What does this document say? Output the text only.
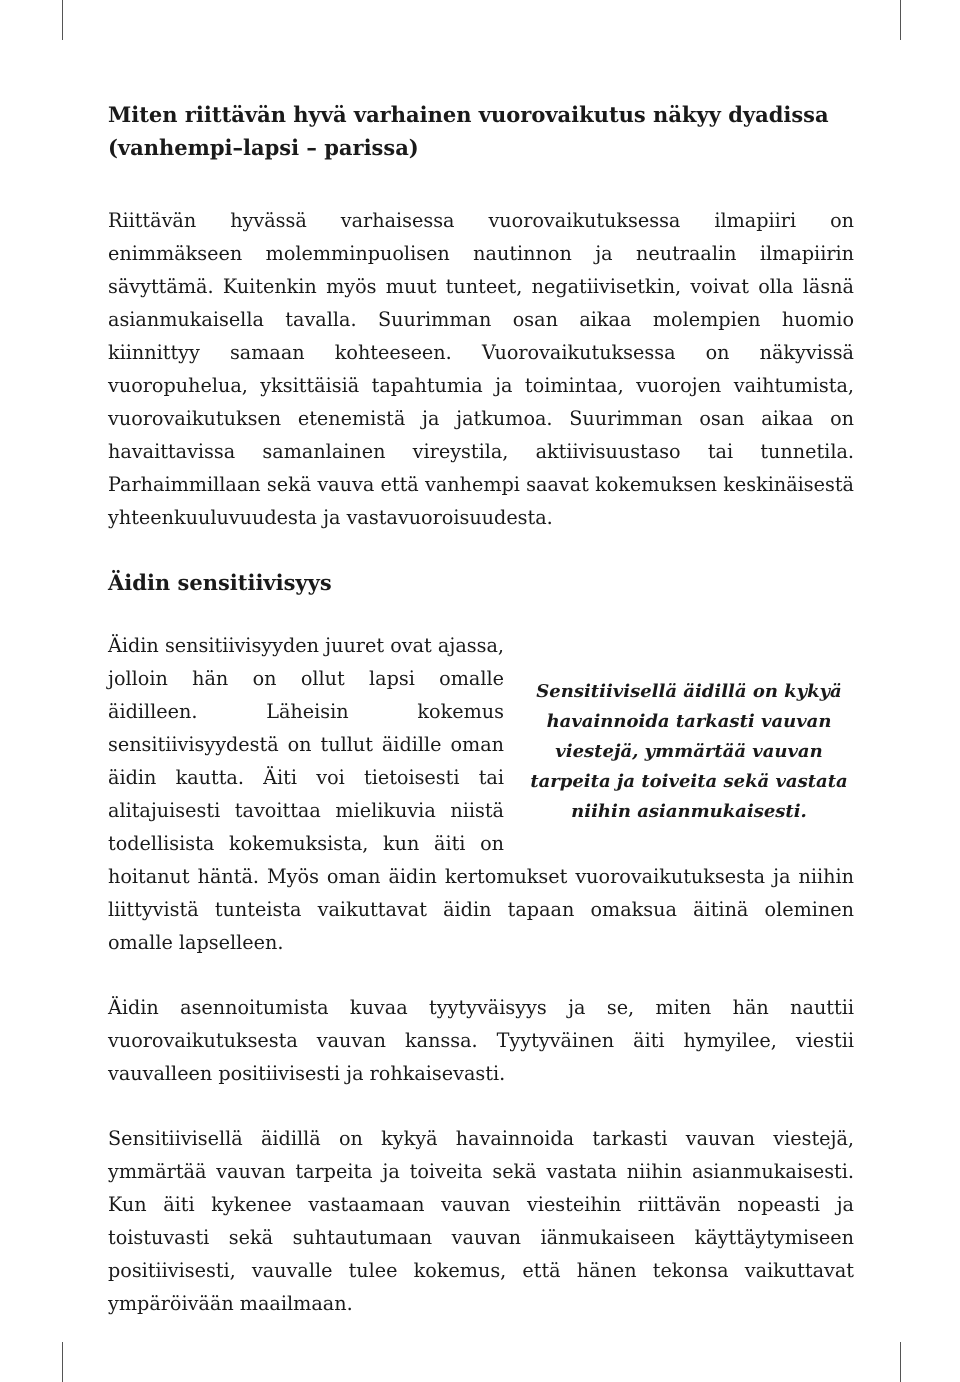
Miten riittävän hyvä varhainen vuorovaikutus näkyy dyadissa (vanhempi–lapsi – parissa)

Riittävän hyvässä varhaisessa vuorovaikutuksessa ilmapiiri on enimmäkseen molemminpuolisen nautinnon ja neutraalin ilmapiirin sävyttämä. Kuitenkin myös muut tunteet, negatiivisetkin, voivat olla läsnä asianmukaisella tavalla. Suurimman osan aikaa molempien huomio kiinnittyy samaan kohteeseen. Vuorovaikutuksessa on näkyvissä vuoropuhelua, yksittäisiä tapahtumia ja toimintaa, vuorojen vaihtumista, vuorovaikutuksen etenemistä ja jatkumoa. Suurimman osan aikaa on havaittavissa samanlainen vireystila, aktiivisuustaso tai tunnetila. Parhaimmillaan sekä vauva että vanhempi saavat kokemuksen keskinäisestä yhteenkuuluvuudesta ja vastavuoroisuudesta.

Äidin sensitiivisyys
Sensitiivisellä äidillä on kykyä havainnoida tarkasti vauvan viestejä, ymmärtää vauvan tarpeita ja toiveita sekä vastata niihin asianmukaisesti.

Äidin sensitiivisyyden juuret ovat ajassa, jolloin hän on ollut lapsi omalle äidilleen. Läheisin kokemus sensitiivisyydestä on tullut äidille oman äidin kautta. Äiti voi tietoisesti tai alitajuisesti tavoittaa mielikuvia niistä todellisista kokemuksista, kun äiti on hoitanut häntä. Myös oman äidin kertomukset vuorovaikutuksesta ja niihin liittyvistä tunteista vaikuttavat äidin tapaan omaksua äitinä oleminen omalle lapselleen.

Äidin asennoitumista kuvaa tyytyväisyys ja se, miten hän nauttii vuorovaikutuksesta vauvan kanssa. Tyytyväinen äiti hymyilee, viestii vauvalleen positiivisesti ja rohkaisevasti.

Sensitiivisellä äidillä on kykyä havainnoida tarkasti vauvan viestejä, ymmärtää vauvan tarpeita ja toiveita sekä vastata niihin asianmukaisesti. Kun äiti kykenee vastaamaan vauvan viesteihin riittävän nopeasti ja toistuvasti sekä suhtautumaan vauvan iänmukaiseen käyttäytymiseen positiivisesti, vauvalle tulee kokemus, että hänen tekonsa vaikuttavat ympäröivään maailmaan.
